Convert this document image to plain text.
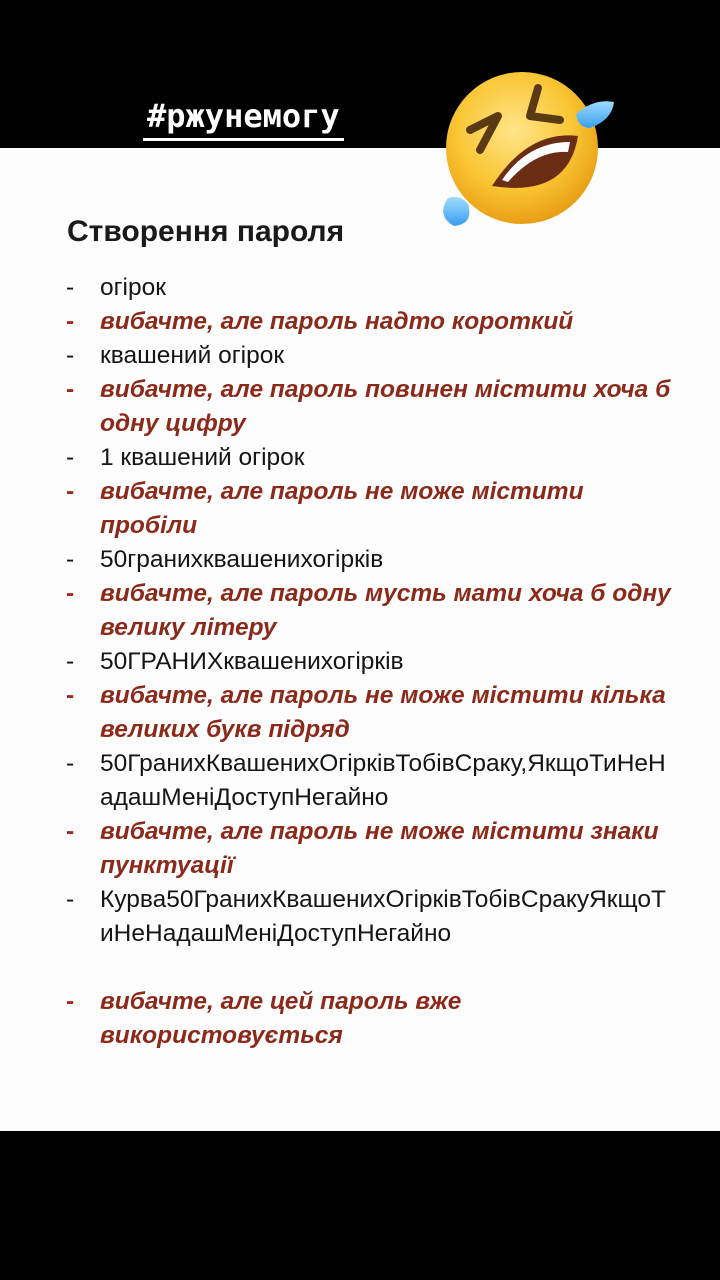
#ржунемогу
Створення пароля
-	огірок
-	вибачте, але пароль надто короткий
-	квашений огірок
-	вибачте, але пароль повинен містити хоча б одну цифру
-	1 квашений огірок
-	вибачте, але пароль не може містити пробіли
-	50гранихквашенихогірків
-	вибачте, але пароль мусть мати хоча б одну велику літеру
-	50ГРАНИХквашенихогірків
-	вибачте, але пароль не може містити кілька великих букв підряд
-	50ГранихКвашенихОгірківТобівСраку,ЯкщоТиНеНадашМеніДоступНегайно
-	вибачте, але пароль не може містити знаки пунктуації
-	Курва50ГранихКвашенихОгірківТобівСракуЯкщоТиНеНадашМеніДоступНегайно
-	вибачте, але цей пароль вже використовується
